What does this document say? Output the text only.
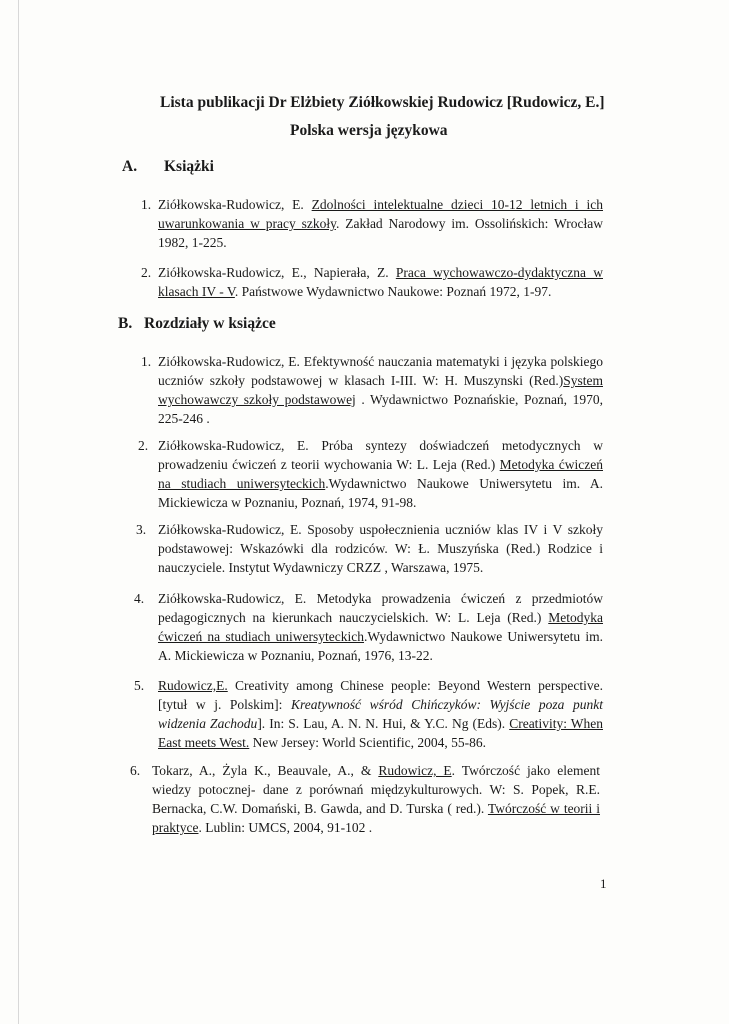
Lista publikacji Dr Elżbiety Ziółkowskiej Rudowicz [Rudowicz, E.]
Polska wersja językowa
A. Książki
1. Ziółkowska-Rudowicz, E. Zdolności intelektualne dzieci 10-12 letnich i ich uwarunkowania w pracy szkoły. Zakład Narodowy im. Ossolińskich: Wrocław 1982, 1-225.
2. Ziółkowska-Rudowicz, E., Napierała, Z. Praca wychowawczo-dydaktyczna w klasach IV - V. Państwowe Wydawnictwo Naukowe: Poznań 1972, 1-97.
B. Rozdziały w książce
1. Ziółkowska-Rudowicz, E. Efektywność nauczania matematyki i języka polskiego uczniów szkoły podstawowej w klasach I-III. W: H. Muszynski (Red.)System wychowawczy szkoły podstawowej . Wydawnictwo Poznańskie, Poznań, 1970, 225-246 .
2. Ziółkowska-Rudowicz, E. Próba syntezy doświadczeń metodycznych w prowadzeniu ćwiczeń z teorii wychowania W: L. Leja (Red.) Metodyka ćwiczeń na studiach uniwersyteckich.Wydawnictwo Naukowe Uniwersytetu im. A. Mickiewicza w Poznaniu, Poznań, 1974, 91-98.
3. Ziółkowska-Rudowicz, E. Sposoby uspołecznienia uczniów klas IV i V szkoły podstawowej: Wskazówki dla rodziców. W: Ł. Muszyńska (Red.) Rodzice i nauczyciele. Instytut Wydawniczy CRZZ , Warszawa, 1975.
4. Ziółkowska-Rudowicz, E. Metodyka prowadzenia ćwiczeń z przedmiotów pedagogicznych na kierunkach nauczycielskich. W: L. Leja (Red.) Metodyka ćwiczeń na studiach uniwersyteckich.Wydawnictwo Naukowe Uniwersytetu im. A. Mickiewicza w Poznaniu, Poznań, 1976, 13-22.
5. Rudowicz,E. Creativity among Chinese people: Beyond Western perspective. [tytuł w j. Polskim]: Kreatywność wśród Chińczyków: Wyjście poza punkt widzenia Zachodu]. In: S. Lau, A. N. N. Hui, & Y.C. Ng (Eds). Creativity: When East meets West. New Jersey: World Scientific, 2004, 55-86.
6. Tokarz, A., Żyla K., Beauvale, A., & Rudowicz, E. Twórczość jako element wiedzy potocznej- dane z porównań międzykulturowych. W: S. Popek, R.E. Bernacka, C.W. Domański, B. Gawda, and D. Turska ( red.). Twórczość w teorii i praktyce. Lublin: UMCS, 2004, 91-102 .
1
